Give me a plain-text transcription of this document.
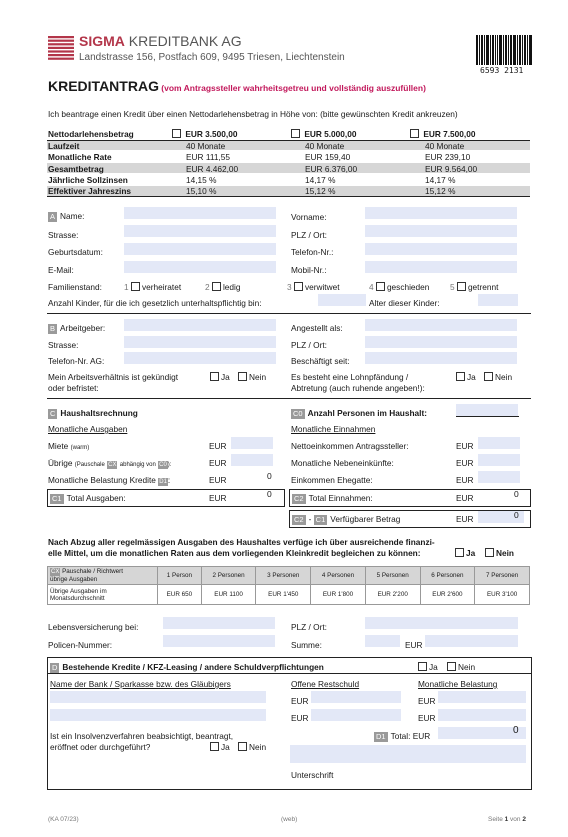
SIGMA KREDITBANK AG
Landstrasse 156, Postfach 609, 9495 Triesen, Liechtenstein
6593 2131
KREDITANTRAG (vom Antragssteller wahrheitsgetreu und vollständig auszufüllen)
Ich beantrage einen Kredit über einen Nettodarlehensbetrag in Höhe von: (bitte gewünschten Kredit ankreuzen)
Nettodarlehensbetrag	EUR 3.500,00	EUR 5.000,00	EUR 7.500,00
Laufzeit	40 Monate	40 Monate	40 Monate
Monatliche Rate	EUR 111,55	EUR 159,40	EUR 239,10
Gesamtbetrag	EUR 4.462,00	EUR 6.376,00	EUR 9.564,00
Jährliche Sollzinsen	14,15 %	14,17 %	14,17 %
Effektiver Jahreszins	15,10 %	15,12 %	15,12 %
A Name:	Vorname:
Strasse:	PLZ / Ort:
Geburtsdatum:	Telefon-Nr.:
E-Mail:	Mobil-Nr.:
Familienstand:	1 verheiratet	2 ledig	3 verwitwet	4 geschieden 5 getrennt
Anzahl Kinder, für die ich gesetzlich unterhaltspflichtig bin:	Alter dieser Kinder:
B Arbeitgeber:	Angestellt als:
Strasse:	PLZ / Ort:
Telefon-Nr. AG:	Beschäftigt seit:
Mein Arbeitsverhältnis ist gekündigt
oder befristet:
Ja	Nein	Es besteht eine Lohnpfändung /
Abtretung (auch ruhende angeben!):
Ja	Nein
C Haushaltsrechnung
Monatliche Ausgaben
Miete (warm)	EUR
Übrige (Pauschale CX abhängig von C0):	EUR
Monatliche Belastung Kredite D1:	EUR	0
C1 Total Ausgaben:	EUR	0
C0 Anzahl Personen im Haushalt:
Monatliche Einnahmen
Nettoeinkommen Antragssteller:	EUR
Monatliche Nebeneinkünfte:	EUR
Einkommen Ehegatte:	EUR
C2 Total Einnahmen:	EUR	0
C2 - C1 Verfügbarer Betrag	EUR	0
Nach Abzug aller regelmässigen Ausgaben des Haushaltes verfüge ich über ausreichende finanzi-
elle Mittel, um die monatlichen Raten aus dem vorliegenden Kleinkredit begleichen zu können:	Ja	Nein
CX Pauschale / Richtwert
übrige Ausgaben	1 Person	2 Personen	3 Personen	4 Personen	5 Personen	6 Personen	7 Personen
Übrige Ausgaben im
Monatsdurchschnitt	EUR 650	EUR 1100	EUR 1'450	EUR 1'800	EUR 2'200	EUR 2'600	EUR 3'100
Lebensversicherung bei:	PLZ / Ort:
Policen-Nummer:	Summe:	EUR
D Bestehende Kredite / KFZ-Leasing / andere Schuldverpflichtungen	Ja	Nein
Name der Bank / Sparkasse bzw. des Gläubigers	Offene Restschuld	Monatliche Belastung
EUR	EUR
EUR	EUR
Ist ein Insolvenzverfahren beabsichtigt, beantragt,
eröffnet oder durchgeführt?	Ja	Nein
D1 Total: EUR	0
Unterschrift
(KA 07/23)	(web)	Seite 1 von 2
